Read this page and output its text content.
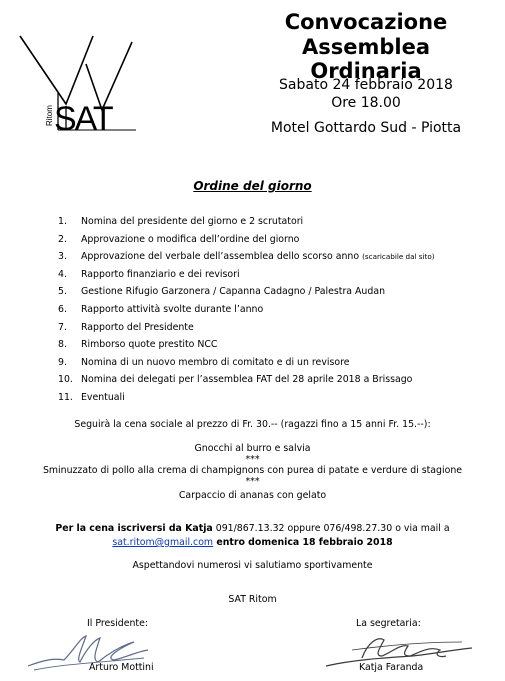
Ritom SAT
Convocazione
Assemblea Ordinaria
Sabato 24 febbraio 2018
Ore 18.00
Motel Gottardo Sud - Piotta
Ordine del giorno
1. Nomina del presidente del giorno e 2 scrutatori
2. Approvazione o modifica dell’ordine del giorno
3. Approvazione del verbale dell’assemblea dello scorso anno (scaricabile dal sito)
4. Rapporto finanziario e dei revisori
5. Gestione Rifugio Garzonera / Capanna Cadagno / Palestra Audan
6. Rapporto attività svolte durante l’anno
7. Rapporto del Presidente
8. Rimborso quote prestito NCC
9. Nomina di un nuovo membro di comitato e di un revisore
10. Nomina dei delegati per l’assemblea FAT del 28 aprile 2018 a Brissago
11. Eventuali
Seguirà la cena sociale al prezzo di Fr. 30.-- (ragazzi fino a 15 anni Fr. 15.--):
Gnocchi al burro e salvia
***
Sminuzzato di pollo alla crema di champignons con purea di patate e verdure di stagione
***
Carpaccio di ananas con gelato
Per la cena iscriversi da Katja 091/867.13.32 oppure 076/498.27.30 o via mail a
sat.ritom@gmail.com entro domenica 18 febbraio 2018
Aspettandovi numerosi vi salutiamo sportivamente
SAT Ritom
Il Presidente:	La segretaria:
Arturo Mottini	Katja Faranda
